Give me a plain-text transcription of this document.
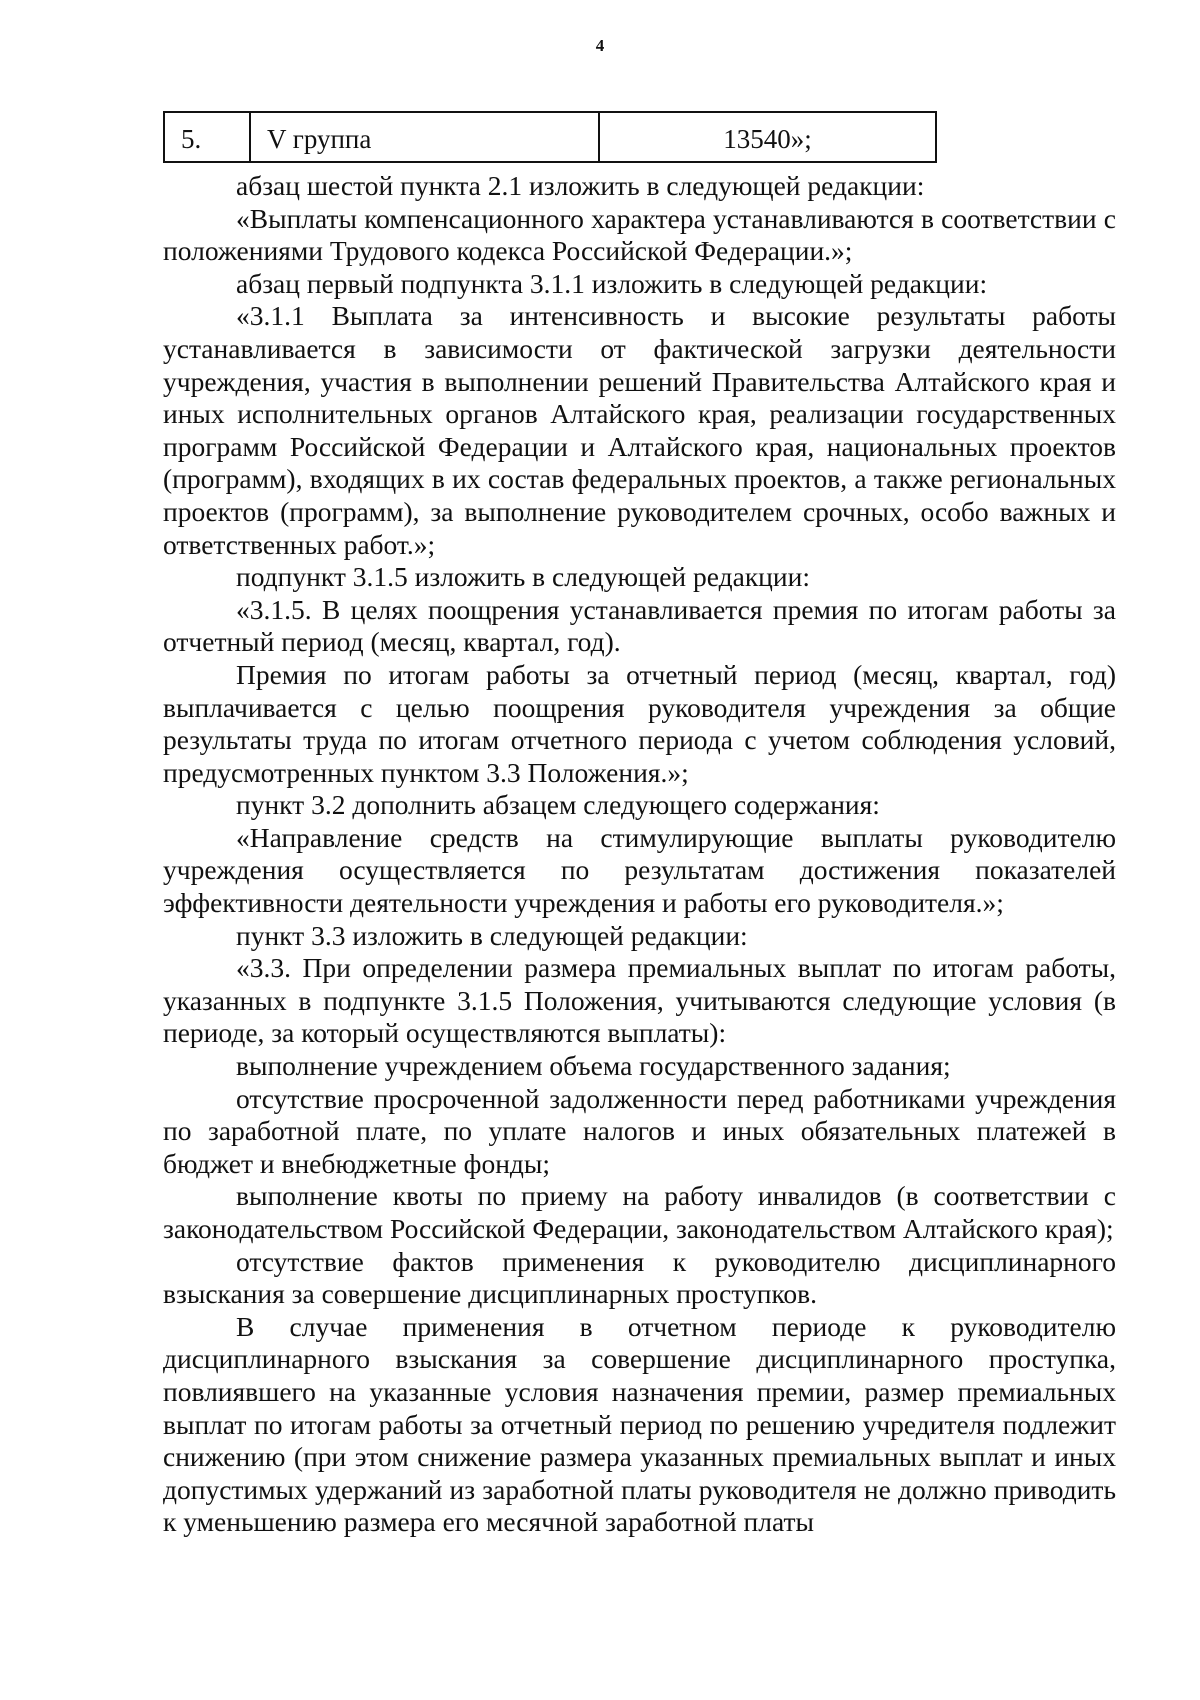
4
5.	V группа	13540»;

абзац шестой пункта 2.1 изложить в следующей редакции:

«Выплаты компенсационного характера устанавливаются в соответствии с положениями Трудового кодекса Российской Федерации.»;

абзац первый подпункта 3.1.1 изложить в следующей редакции:

«3.1.1 Выплата за интенсивность и высокие результаты работы устанавливается в зависимости от фактической загрузки деятельности учреждения, участия в выполнении решений Правительства Алтайского края и иных исполнительных органов Алтайского края, реализации государственных программ Российской Федерации и Алтайского края, национальных проектов (программ), входящих в их состав федеральных проектов, а также региональных проектов (программ), за выполнение руководителем срочных, особо важных и ответственных работ.»;

подпункт 3.1.5 изложить в следующей редакции:

«3.1.5. В целях поощрения устанавливается премия по итогам работы за отчетный период (месяц, квартал, год).

Премия по итогам работы за отчетный период (месяц, квартал, год) выплачивается с целью поощрения руководителя учреждения за общие результаты труда по итогам отчетного периода с учетом соблюдения условий, предусмотренных пунктом 3.3 Положения.»;

пункт 3.2 дополнить абзацем следующего содержания:

«Направление средств на стимулирующие выплаты руководителю учреждения осуществляется по результатам достижения показателей эффективности деятельности учреждения и работы его руководителя.»;

пункт 3.3 изложить в следующей редакции:

«3.3. При определении размера премиальных выплат по итогам работы, указанных в подпункте 3.1.5 Положения, учитываются следующие условия (в периоде, за который осуществляются выплаты):

выполнение учреждением объема государственного задания;

отсутствие просроченной задолженности перед работниками учреждения по заработной плате, по уплате налогов и иных обязательных платежей в бюджет и внебюджетные фонды;

выполнение квоты по приему на работу инвалидов (в соответствии с законодательством Российской Федерации, законодательством Алтайского края);

отсутствие фактов применения к руководителю дисциплинарного взыскания за совершение дисциплинарных проступков.

В случае применения в отчетном периоде к руководителю дисциплинарного взыскания за совершение дисциплинарного проступка, повлиявшего на указанные условия назначения премии, размер премиальных выплат по итогам работы за отчетный период по решению учредителя подлежит снижению (при этом снижение размера указанных премиальных выплат и иных допустимых удержаний из заработной платы руководителя не должно приводить к уменьшению размера его месячной заработной платы
